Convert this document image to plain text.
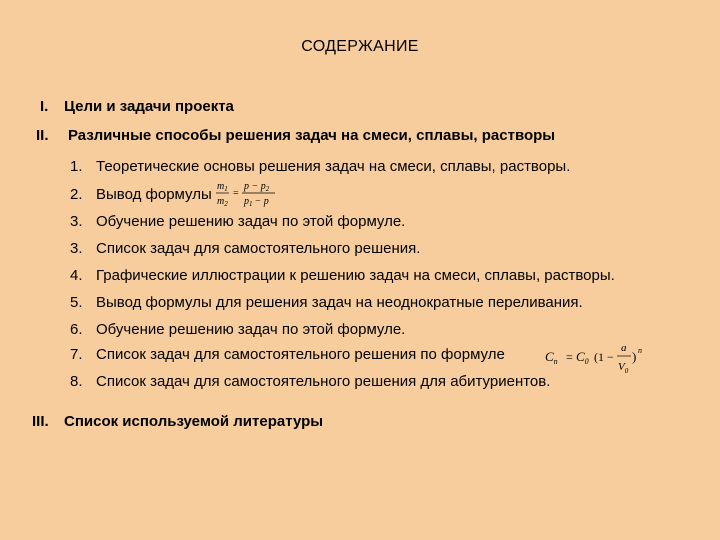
СОДЕРЖАНИЕ
I. Цели и задачи проекта
II. Различные способы решения задач на смеси, сплавы, растворы
1. Теоретические основы решения задач на смеси, сплавы, растворы.
2. Вывод формулы $m_1$
$m_2$
=
$p - p_2$
$p_1 - p$
3. Обучение решению задач по этой формуле.
3. Список задач для самостоятельного решения.
4. Графические иллюстрации к решению задач на смеси, сплавы, растворы.
5. Вывод формулы для решения задач на неоднократные переливания.
6. Обучение решению задач по этой формуле.
7. Список задач для самостоятельного решения по формуле	$C_n = C_0$ (1 −
a
$V_0$
) n
8. Список задач для самостоятельного решения для абитуриентов.
III. Список используемой литературы
